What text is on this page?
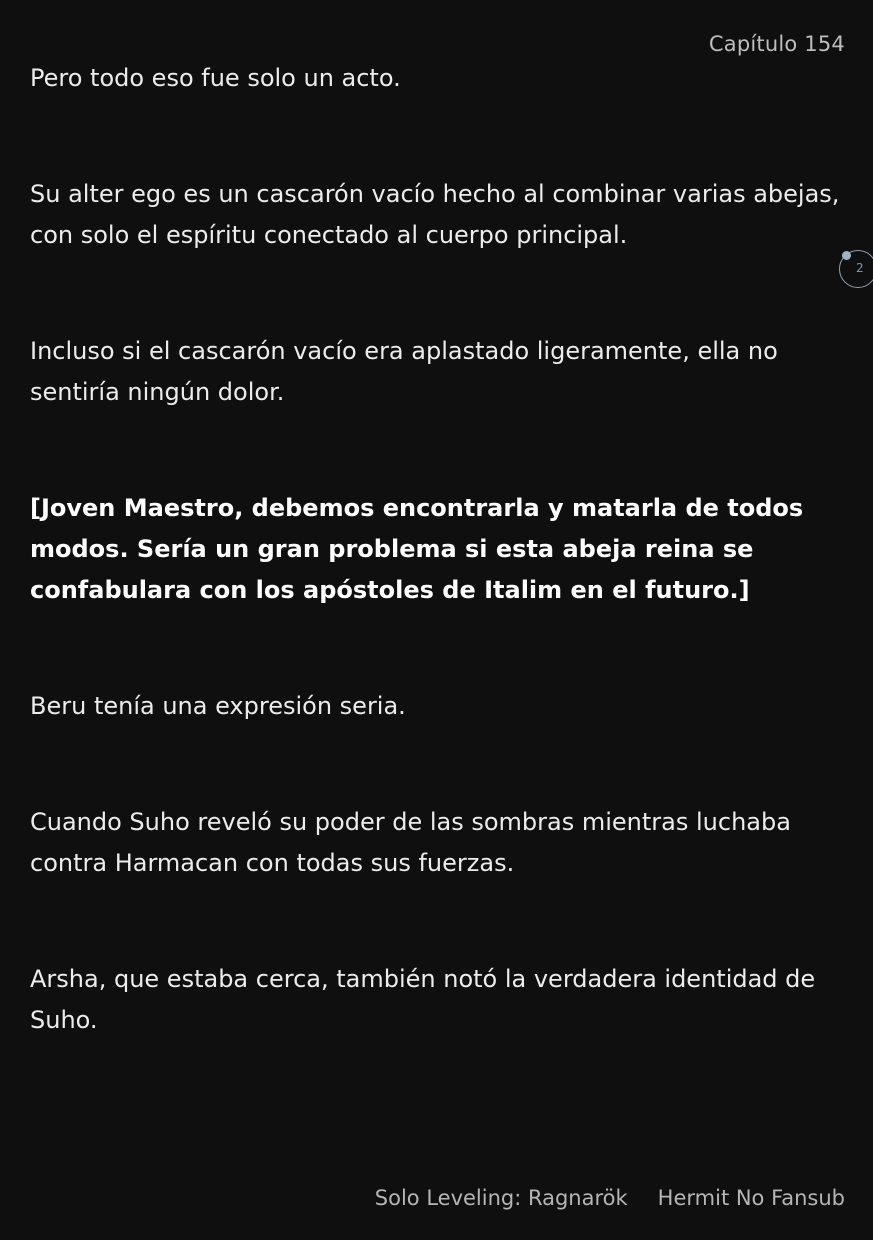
Capítulo 154

Pero todo eso fue solo un acto.

Su alter ego es un cascarón vacío hecho al combinar varias abejas, con solo el espíritu conectado al cuerpo principal.

Incluso si el cascarón vacío era aplastado ligeramente, ella no sentiría ningún dolor.

[Joven Maestro, debemos encontrarla y matarla de todos modos. Sería un gran problema si esta abeja reina se confabulara con los apóstoles de Italim en el futuro.]

Beru tenía una expresión seria.

Cuando Suho reveló su poder de las sombras mientras luchaba contra Harmacan con todas sus fuerzas.

Arsha, que estaba cerca, también notó la verdadera identidad de Suho.

2
Solo Leveling: Ragnarök Hermit No Fansub
